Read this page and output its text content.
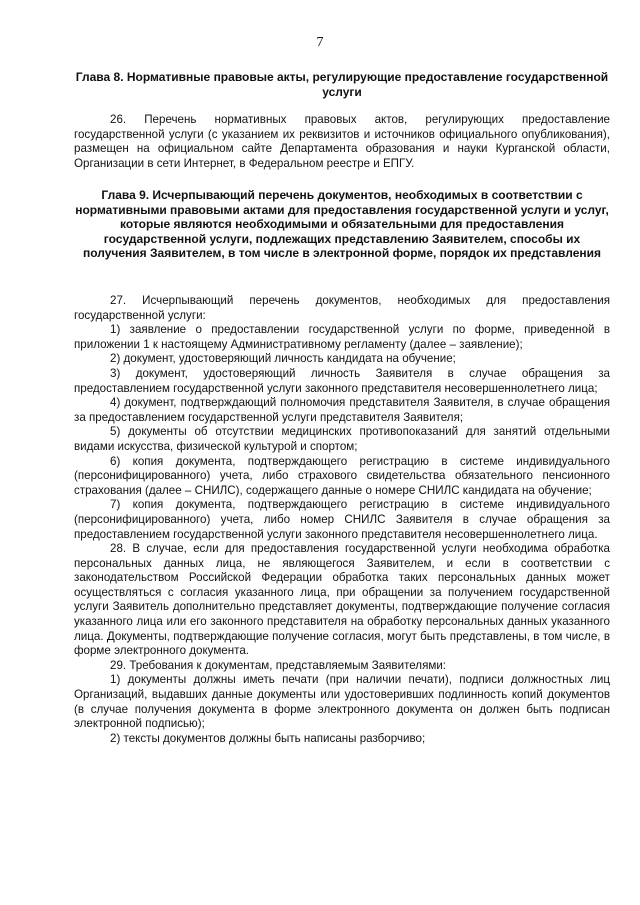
7
Глава 8. Нормативные правовые акты, регулирующие предоставление государственной услуги

26. Перечень нормативных правовых актов, регулирующих предоставление государственной услуги (с указанием их реквизитов и источников официального опубликования), размещен на официальном сайте Департамента образования и науки Курганской области, Организации в сети Интернет, в Федеральном реестре и ЕПГУ.

Глава 9. Исчерпывающий перечень документов, необходимых в соответствии с нормативными правовыми актами для предоставления государственной услуги и услуг, которые являются необходимыми и обязательными для предоставления государственной услуги, подлежащих представлению Заявителем, способы их получения Заявителем, в том числе в электронной форме, порядок их представления

27. Исчерпывающий перечень документов, необходимых для предоставления государственной услуги:

1) заявление о предоставлении государственной услуги по форме, приведенной в приложении 1 к настоящему Административному регламенту (далее – заявление);

2) документ, удостоверяющий личность кандидата на обучение;

3) документ, удостоверяющий личность Заявителя в случае обращения за предоставлением государственной услуги законного представителя несовершеннолетнего лица;

4) документ, подтверждающий полномочия представителя Заявителя, в случае обращения за предоставлением государственной услуги представителя Заявителя;

5) документы об отсутствии медицинских противопоказаний для занятий отдельными видами искусства, физической культурой и спортом;

6) копия документа, подтверждающего регистрацию в системе индивидуального (персонифицированного) учета, либо страхового свидетельства обязательного пенсионного страхования (далее – СНИЛС), содержащего данные о номере СНИЛС кандидата на обучение;

7) копия документа, подтверждающего регистрацию в системе индивидуального (персонифицированного) учета, либо номер СНИЛС Заявителя в случае обращения за предоставлением государственной услуги законного представителя несовершеннолетнего лица.

28. В случае, если для предоставления государственной услуги необходима обработка персональных данных лица, не являющегося Заявителем, и если в соответствии с законодательством Российской Федерации обработка таких персональных данных может осуществляться с согласия указанного лица, при обращении за получением государственной услуги Заявитель дополнительно представляет документы, подтверждающие получение согласия указанного лица или его законного представителя на обработку персональных данных указанного лица. Документы, подтверждающие получение согласия, могут быть представлены, в том числе, в форме электронного документа.

29. Требования к документам, представляемым Заявителями:

1) документы должны иметь печати (при наличии печати), подписи должностных лиц Организаций, выдавших данные документы или удостоверивших подлинность копий документов (в случае получения документа в форме электронного документа он должен быть подписан электронной подписью);

2) тексты документов должны быть написаны разборчиво;
